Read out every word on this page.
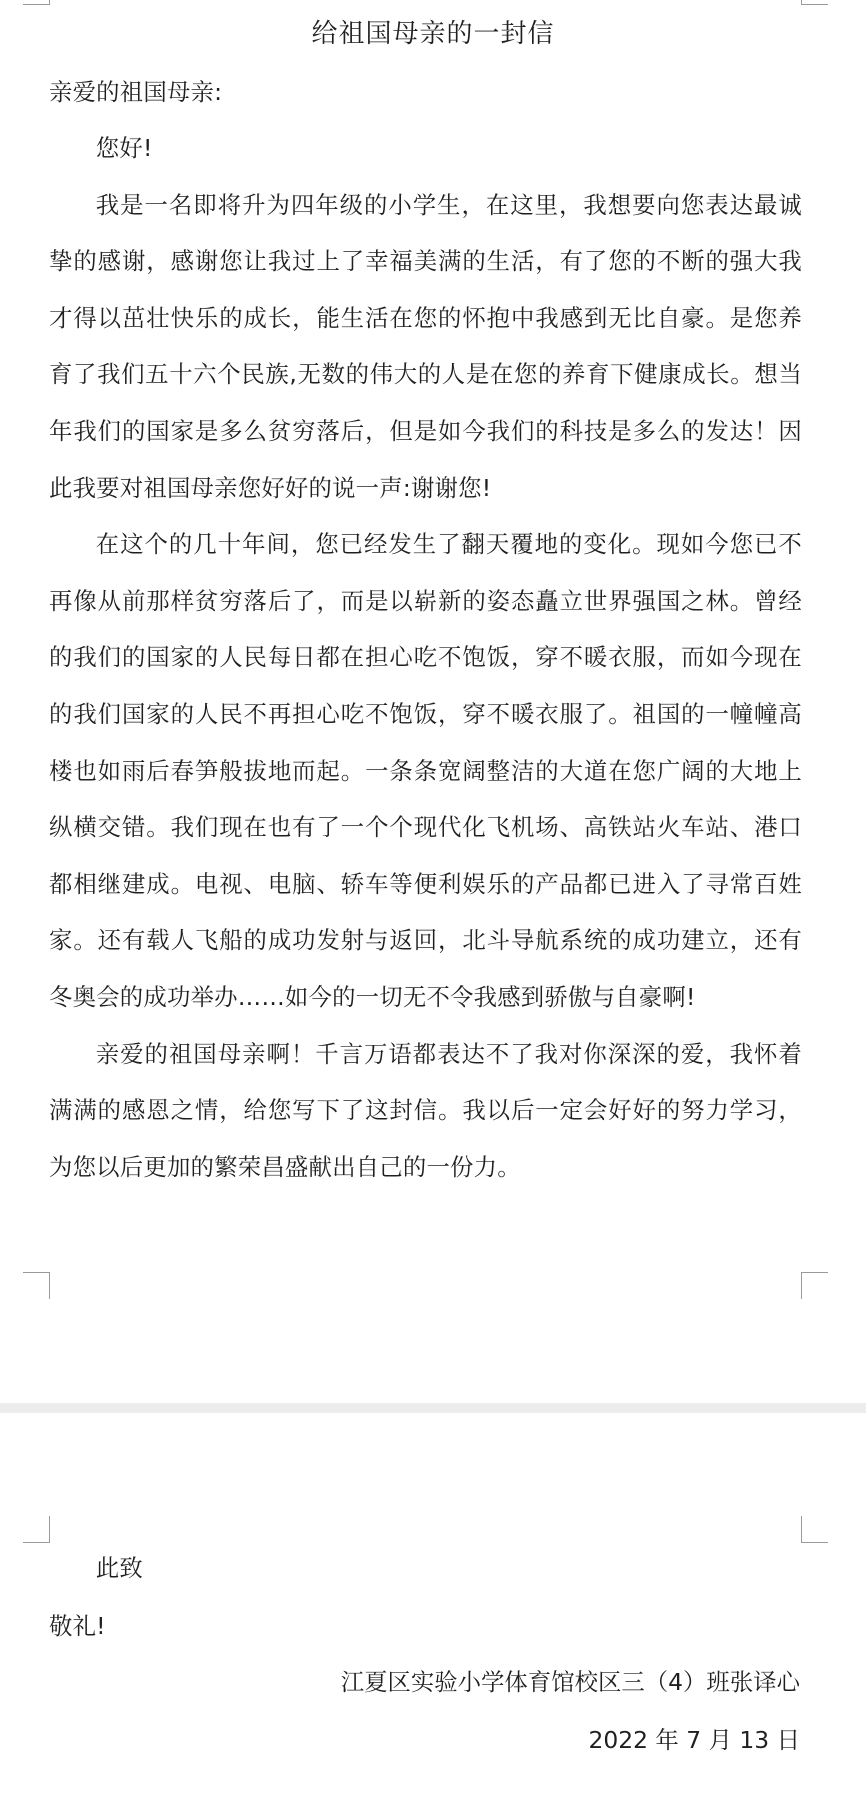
给祖国母亲的一封信
亲爱的祖国母亲:

您好!

我是一名即将升为四年级的小学生，在这里，我想要向您表达最诚挚的感谢，感谢您让我过上了幸福美满的生活，有了您的不断的强大我才得以茁壮快乐的成长，能生活在您的怀抱中我感到无比自豪。是您养育了我们五十六个民族,无数的伟大的人是在您的养育下健康成长。想当年我们的国家是多么贫穷落后，但是如今我们的科技是多么的发达！因此我要对祖国母亲您好好的说一声:谢谢您!

在这个的几十年间，您已经发生了翻天覆地的变化。现如今您已不再像从前那样贫穷落后了，而是以崭新的姿态矗立世界强国之林。曾经的我们的国家的人民每日都在担心吃不饱饭，穿不暖衣服，而如今现在的我们国家的人民不再担心吃不饱饭，穿不暖衣服了。祖国的一幢幢高楼也如雨后春笋般拔地而起。一条条宽阔整洁的大道在您广阔的大地上纵横交错。我们现在也有了一个个现代化飞机场、高铁站火车站、港口都相继建成。电视、电脑、轿车等便利娱乐的产品都已进入了寻常百姓家。还有载人飞船的成功发射与返回，北斗导航系统的成功建立，还有冬奥会的成功举办……如今的一切无不令我感到骄傲与自豪啊!

亲爱的祖国母亲啊！千言万语都表达不了我对你深深的爱，我怀着满满的感恩之情，给您写下了这封信。我以后一定会好好的努力学习，为您以后更加的繁荣昌盛献出自己的一份力。

此致
敬礼!
江夏区实验小学体育馆校区三（4）班张译心
2022 年 7 月 13 日
